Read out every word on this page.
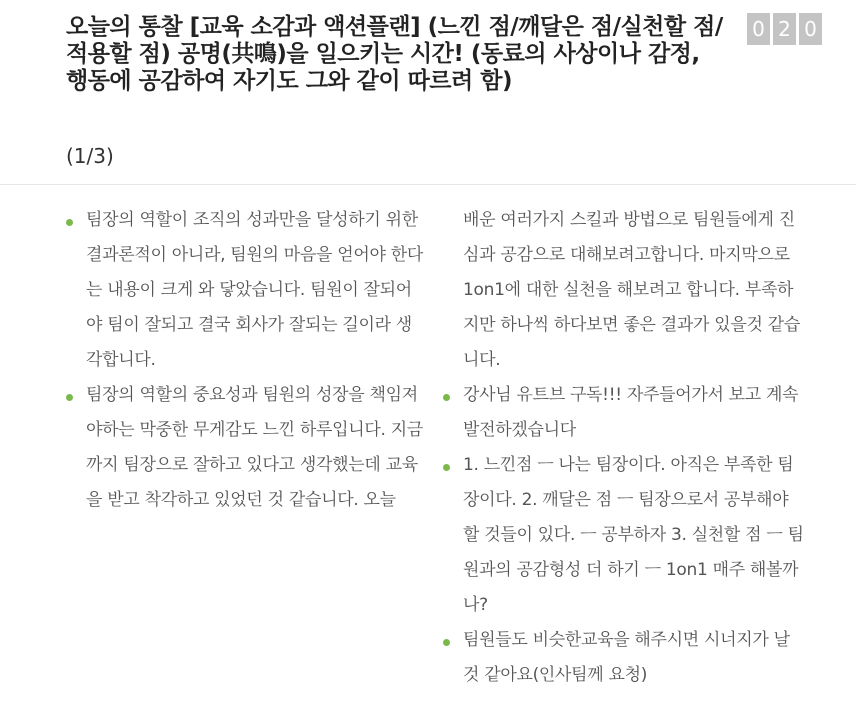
오늘의 통찰 [교육 소감과 액션플랜] (느낀 점/깨달은 점/실천할 점/적용할 점) 공명(共鳴)을 일으키는 시간! (동료의 사상이나 감정, 행동에 공감하여 자기도 그와 같이 따르려 함)
(1/3)
0 2 0
팀장의 역할이 조직의 성과만을 달성하기 위한 결과론적이 아니라, 팀원의 마음을 얻어야 한다는 내용이 크게 와 닿았습니다. 팀원이 잘되어야 팀이 잘되고 결국 회사가 잘되는 길이라 생각합니다.
팀장의 역할의 중요성과 팀원의 성장을 책임져야하는 막중한 무게감도 느낀 하루입니다. 지금까지 팀장으로 잘하고 있다고 생각했는데 교육을 받고 착각하고 있었던 것 같습니다. 오늘
배운 여러가지 스킬과 방법으로 팀원들에게 진심과 공감으로 대해보려고합니다. 마지막으로 1on1에 대한 실천을 해보려고 합니다. 부족하지만 하나씩 하다보면 좋은 결과가 있을것 같습니다.
강사님 유트브 구독!!! 자주들어가서 보고 계속발전하겠습니다
1. 느낀점 ㅡ 나는 팀장이다. 아직은 부족한 팀장이다. 2. 깨달은 점 ㅡ 팀장으로서 공부해야 할 것들이 있다. ㅡ 공부하자 3. 실천할 점 ㅡ 팀원과의 공감형성 더 하기 ㅡ 1on1 매주 해볼까나?
팀원들도 비슷한교육을 해주시면 시너지가 날것 같아요(인사팀께 요청)
